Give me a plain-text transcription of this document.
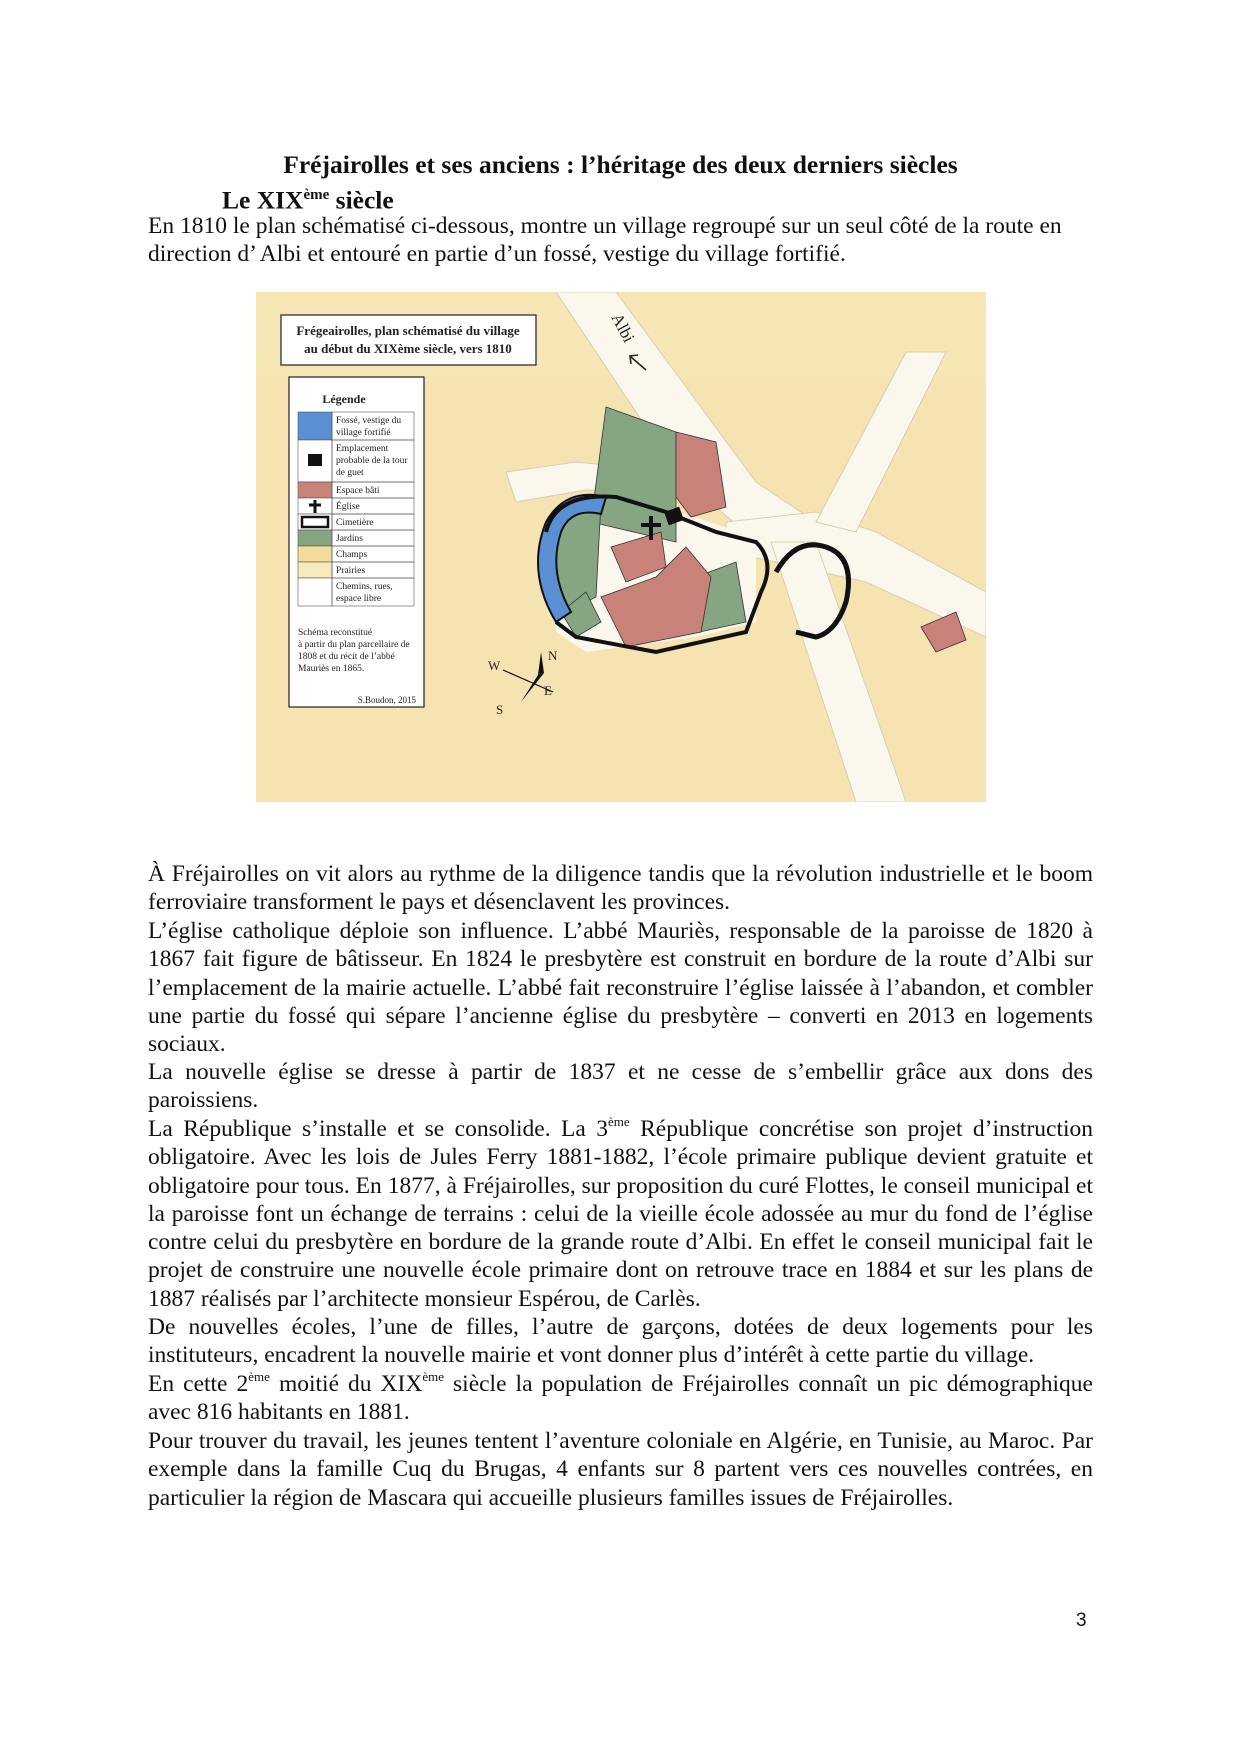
Fréjairolles et ses anciens : l’héritage des deux derniers siècles
Le XIXème siècle

En 1810 le plan schématisé ci-dessous, montre un village regroupé sur un seul côté de la route en direction d’ Albi et entouré en partie d’un fossé, vestige du village fortifié.

Frégeairolles, plan schématisé du village
au début du XIXème siècle, vers 1810
Albi
Légende
Fossé, vestige du village fortifié
Emplacement probable de la tour de guet
Espace bâti
Église
Cimetière
Jardins
Champs
Prairies
Chemins, rues, espace libre
Schéma reconstitué à partir du plan parcellaire de 1808 et du récit de l’abbé Mauriès en 1865.
S.Boudon, 2015
N
W
E
S

À Fréjairolles on vit alors au rythme de la diligence tandis que la révolution industrielle et le boom ferroviaire transforment le pays et désenclavent les provinces.

L’église catholique déploie son influence. L’abbé Mauriès, responsable de la paroisse de 1820 à 1867 fait figure de bâtisseur. En 1824 le presbytère est construit en bordure de la route d’Albi sur l’emplacement de la mairie actuelle. L’abbé fait reconstruire l’église laissée à l’abandon, et combler une partie du fossé qui sépare l’ancienne église du presbytère – converti en 2013 en logements sociaux.

La nouvelle église se dresse à partir de 1837 et ne cesse de s’embellir grâce aux dons des paroissiens.

La République s’installe et se consolide. La 3ème République concrétise son projet d’instruction obligatoire. Avec les lois de Jules Ferry 1881-1882, l’école primaire publique devient gratuite et obligatoire pour tous. En 1877, à Fréjairolles, sur proposition du curé Flottes, le conseil municipal et la paroisse font un échange de terrains : celui de la vieille école adossée au mur du fond de l’église contre celui du presbytère en bordure de la grande route d’Albi. En effet le conseil municipal fait le projet de construire une nouvelle école primaire dont on retrouve trace en 1884 et sur les plans de 1887 réalisés par l’architecte monsieur Espérou, de Carlès.

De nouvelles écoles, l’une de filles, l’autre de garçons, dotées de deux logements pour les instituteurs, encadrent la nouvelle mairie et vont donner plus d’intérêt à cette partie du village.

En cette 2ème moitié du XIXème siècle la population de Fréjairolles connaît un pic démographique avec 816 habitants en 1881.

Pour trouver du travail, les jeunes tentent l’aventure coloniale en Algérie, en Tunisie, au Maroc. Par exemple dans la famille Cuq du Brugas, 4 enfants sur 8 partent vers ces nouvelles contrées, en particulier la région de Mascara qui accueille plusieurs familles issues de Fréjairolles.

3
